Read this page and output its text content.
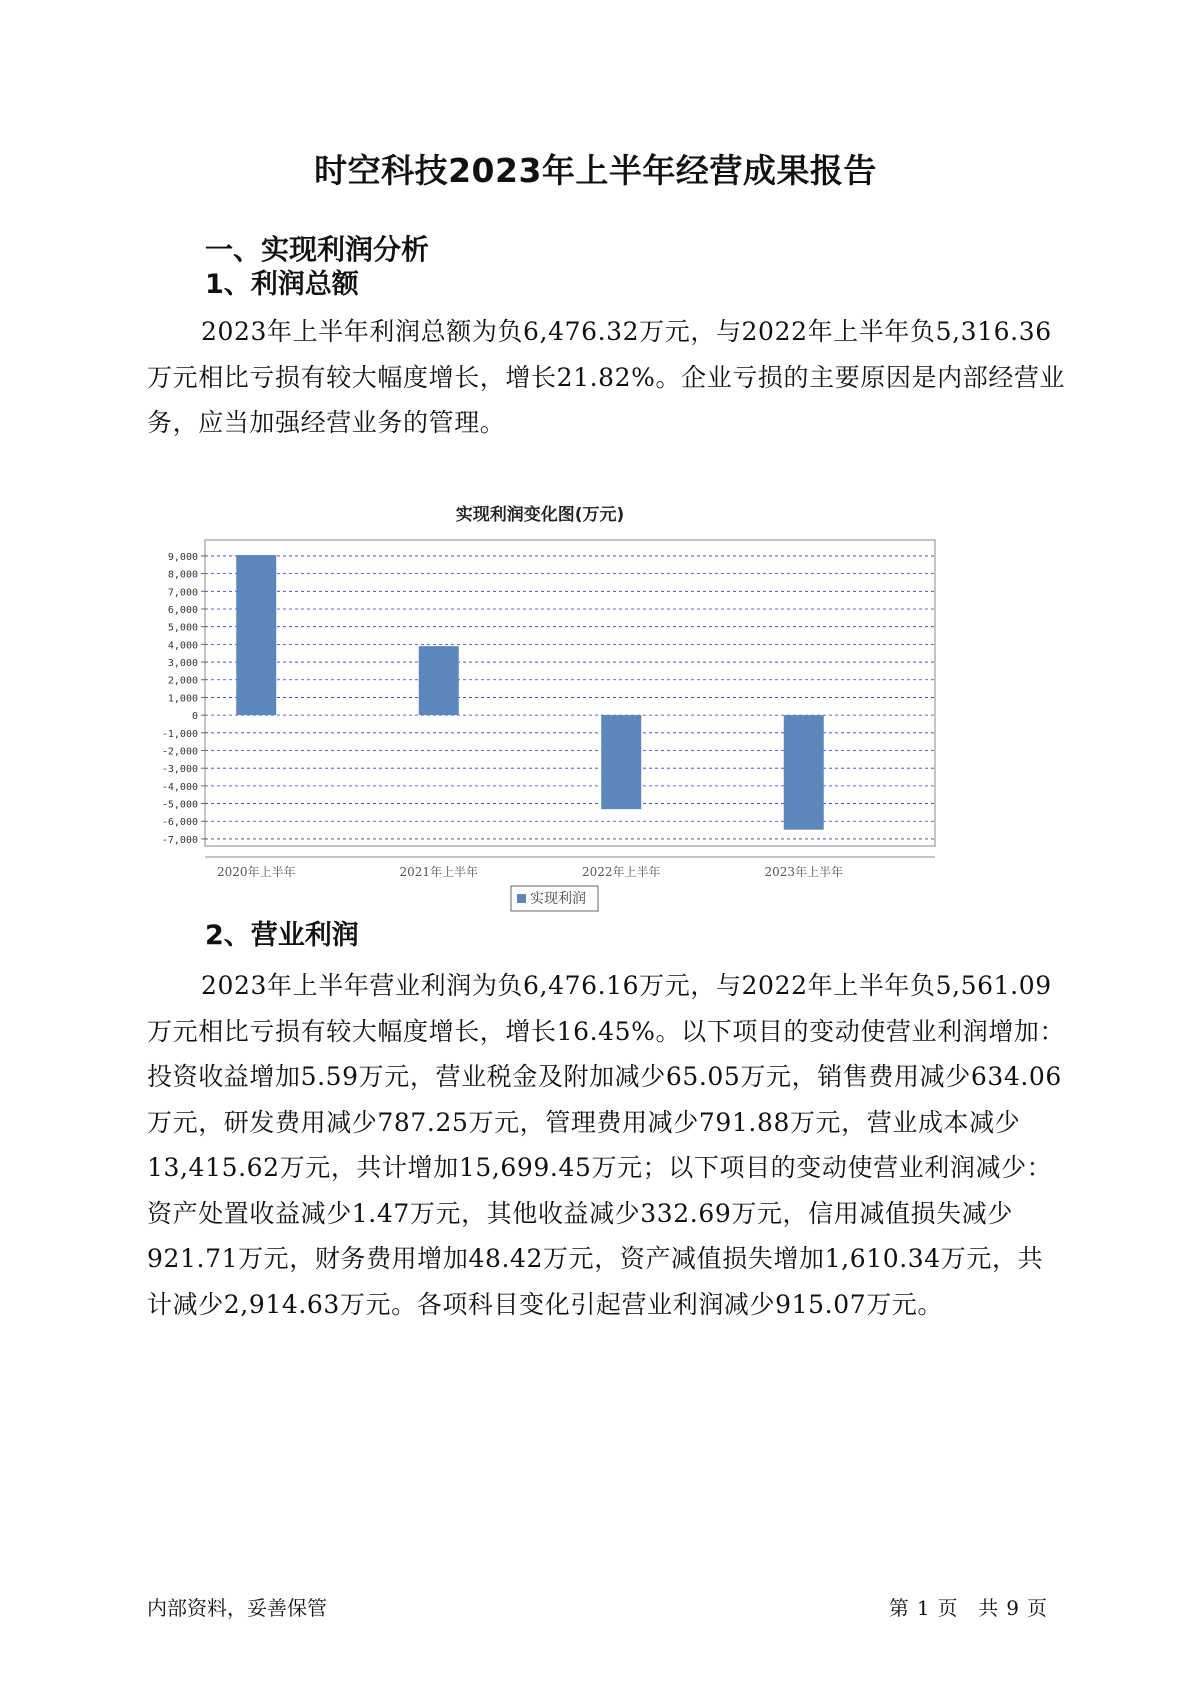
时空科技2023年上半年经营成果报告
一、实现利润分析
1、利润总额

2023年上半年利润总额为负6,476.32万元，与2022年上半年负5,316.36万元相比亏损有较大幅度增长，增长21.82%。企业亏损的主要原因是内部经营业务，应当加强经营业务的管理。

实现利润变化图(万元)
9,000
8,000
7,000
6,000
5,000
4,000
3,000
2,000
1,000
0
-1,000
-2,000
-3,000
-4,000
-5,000
-6,000
-7,000
2020年上半年	2021年上半年	2022年上半年	2023年上半年
实现利润
2、营业利润

2023年上半年营业利润为负6,476.16万元，与2022年上半年负5,561.09万元相比亏损有较大幅度增长，增长16.45%。以下项目的变动使营业利润增加：投资收益增加5.59万元，营业税金及附加减少65.05万元，销售费用减少634.06万元，研发费用减少787.25万元，管理费用减少791.88万元，营业成本减少13,415.62万元，共计增加15,699.45万元；以下项目的变动使营业利润减少：资产处置收益减少1.47万元，其他收益减少332.69万元，信用减值损失减少921.71万元，财务费用增加48.42万元，资产减值损失增加1,610.34万元，共计减少2,914.63万元。各项科目变化引起营业利润减少915.07万元。

内部资料，妥善保管	第 1 页 共 9 页
